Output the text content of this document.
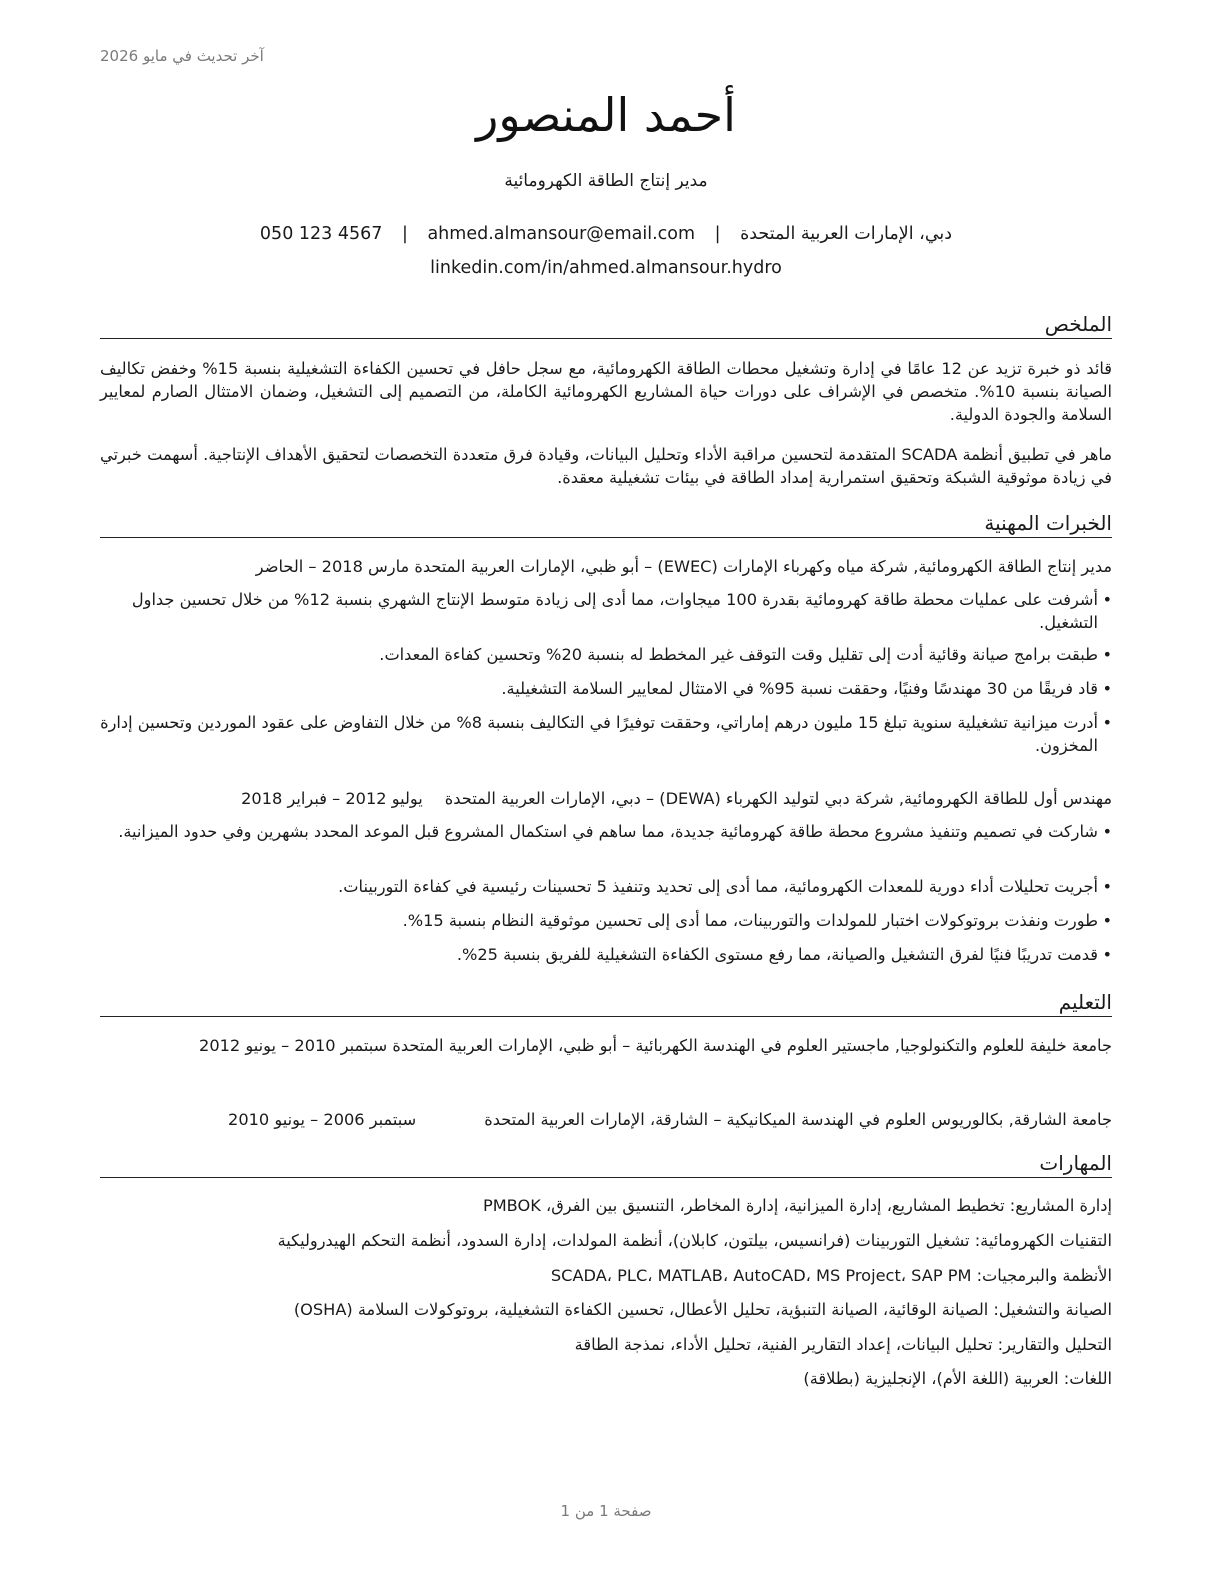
آخر تحديث في مايو 2026
أحمد المنصور
مدير إنتاج الطاقة الكهرومائية
دبي، الإمارات العربية المتحدة | ahmed.almansour@email.com | 050 123 4567
linkedin.com/in/ahmed.almansour.hydro
الملخص
قائد ذو خبرة تزيد عن 12 عامًا في إدارة وتشغيل محطات الطاقة الكهرومائية، مع سجل حافل في تحسين الكفاءة التشغيلية بنسبة 15% وخفض تكاليف الصيانة بنسبة 10%. متخصص في الإشراف على دورات حياة المشاريع الكهرومائية الكاملة، من التصميم إلى التشغيل، وضمان الامتثال الصارم لمعايير السلامة والجودة الدولية.
ماهر في تطبيق أنظمة SCADA المتقدمة لتحسين مراقبة الأداء وتحليل البيانات، وقيادة فرق متعددة التخصصات لتحقيق الأهداف الإنتاجية. أسهمت خبرتي في زيادة موثوقية الشبكة وتحقيق استمرارية إمداد الطاقة في بيئات تشغيلية معقدة.
الخبرات المهنية
مدير إنتاج الطاقة الكهرومائية, شركة مياه وكهرباء الإمارات (EWEC) – أبو ظبي، الإمارات العربية المتحدة مارس 2018 – الحاضر
•
أشرفت على عمليات محطة طاقة كهرومائية بقدرة 100 ميجاوات، مما أدى إلى زيادة متوسط الإنتاج الشهري بنسبة 12% من خلال تحسين جداول التشغيل.
•
طبقت برامج صيانة وقائية أدت إلى تقليل وقت التوقف غير المخطط له بنسبة 20% وتحسين كفاءة المعدات.
•
قاد فريقًا من 30 مهندسًا وفنيًا، وحققت نسبة 95% في الامتثال لمعايير السلامة التشغيلية.
•
أدرت ميزانية تشغيلية سنوية تبلغ 15 مليون درهم إماراتي، وحققت توفيرًا في التكاليف بنسبة 8% من خلال التفاوض على عقود الموردين وتحسين إدارة المخزون.
مهندس أول للطاقة الكهرومائية, شركة دبي لتوليد الكهرباء (DEWA) – دبي، الإمارات العربية المتحدةيوليو 2012 – فبراير 2018
•
شاركت في تصميم وتنفيذ مشروع محطة طاقة كهرومائية جديدة، مما ساهم في استكمال المشروع قبل الموعد المحدد بشهرين وفي حدود الميزانية.
•
أجريت تحليلات أداء دورية للمعدات الكهرومائية، مما أدى إلى تحديد وتنفيذ 5 تحسينات رئيسية في كفاءة التوربينات.
•
طورت ونفذت بروتوكولات اختبار للمولدات والتوربينات، مما أدى إلى تحسين موثوقية النظام بنسبة 15%.
•
قدمت تدريبًا فنيًا لفرق التشغيل والصيانة، مما رفع مستوى الكفاءة التشغيلية للفريق بنسبة 25%.
التعليم
جامعة خليفة للعلوم والتكنولوجيا, ماجستير العلوم في الهندسة الكهربائية – أبو ظبي، الإمارات العربية المتحدة سبتمبر 2010 – يونيو 2012
جامعة الشارقة, بكالوريوس العلوم في الهندسة الميكانيكية – الشارقة، الإمارات العربية المتحدةسبتمبر 2006 – يونيو 2010
المهارات
إدارة المشاريع: تخطيط المشاريع، إدارة الميزانية، إدارة المخاطر، التنسيق بين الفرق، PMBOK
التقنيات الكهرومائية: تشغيل التوربينات (فرانسيس، بيلتون، كابلان)، أنظمة المولدات، إدارة السدود، أنظمة التحكم الهيدروليكية
الأنظمة والبرمجيات: SCADA، PLC، MATLAB، AutoCAD، MS Project، SAP PM
الصيانة والتشغيل: الصيانة الوقائية، الصيانة التنبؤية، تحليل الأعطال، تحسين الكفاءة التشغيلية، بروتوكولات السلامة (OSHA)
التحليل والتقارير: تحليل البيانات، إعداد التقارير الفنية، تحليل الأداء، نمذجة الطاقة
اللغات: العربية (اللغة الأم)، الإنجليزية (بطلاقة)
صفحة 1 من 1
